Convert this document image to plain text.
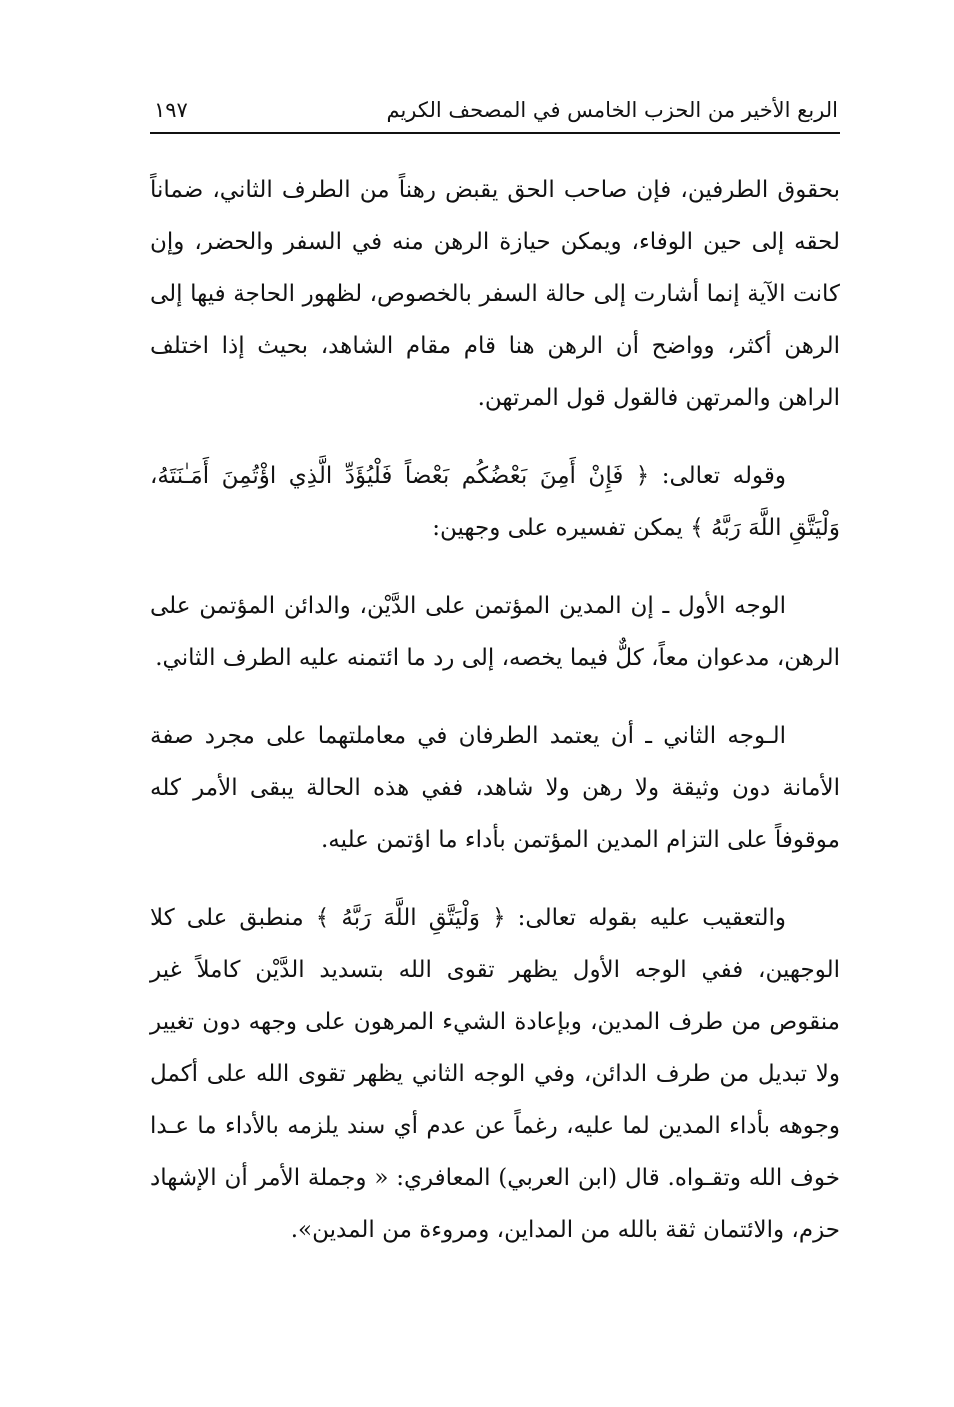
الربع الأخير من الحزب الخامس في المصحف الكريم
١٩٧

بحقوق الطرفين، فإن صاحب الحق يقبض رهناً من الطرف الثاني، ضماناً لحقه إلى حين الوفاء، ويمكن حيازة الرهن منه في السفر والحضر، وإن كانت الآية إنما أشارت إلى حالة السفر بالخصوص، لظهور الحاجة فيها إلى الرهن أكثر، وواضح أن الرهن هنا قام مقام الشاهد، بحيث إذا اختلف الراهن والمرتهن فالقول قول المرتهن.

وقوله تعالى: ﴿ فَإِنْ أَمِنَ بَعْضُكُم بَعْضاً فَلْيُؤَدِّ الَّذِي اؤْتُمِنَ أَمَـٰنَتَهُ، وَلْيَتَّقِ اللَّهَ رَبَّهُ ﴾ يمكن تفسيره على وجهين:

الوجه الأول ـ إن المدين المؤتمن على الدَّيْن، والدائن المؤتمن على الرهن، مدعوان معاً، كلٌّ فيما يخصه، إلى رد ما ائتمنه عليه الطرف الثاني.

الـوجه الثاني ـ أن يعتمد الطرفان في معاملتهما على مجرد صفة الأمانة دون وثيقة ولا رهن ولا شاهد، ففي هذه الحالة يبقى الأمر كله موقوفاً على التزام المدين المؤتمن بأداء ما اؤتمن عليه.

والتعقيب عليه بقوله تعالى: ﴿ وَلْيَتَّقِ اللَّهَ رَبَّهُ ﴾ منطبق على كلا الوجهين، ففي الوجه الأول يظهر تقوى الله بتسديد الدَّيْن كاملاً غير منقوص من طرف المدين، وبإعادة الشيء المرهون على وجهه دون تغيير ولا تبديل من طرف الدائن، وفي الوجه الثاني يظهر تقوى الله على أكمل وجوهه بأداء المدين لما عليه، رغماً عن عدم أي سند يلزمه بالأداء ما عـدا خوف الله وتقـواه. قال (ابن العربي) المعافري: « وجملة الأمر أن الإشهاد حزم، والائتمان ثقة بالله من المداين، ومروءة من المدين».
